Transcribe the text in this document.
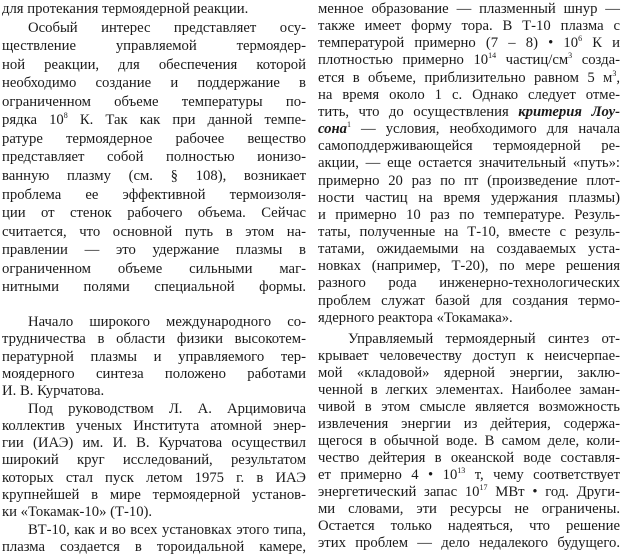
для протекания термоядерной реакции.
Особый интерес представляет осу-
ществление управляемой термоядер-
ной реакции, для обеспечения которой
необходимо создание и поддержание в
ограниченном объеме температуры по-
рядка $10^8$ К. Так как при данной темпе-
ратуре термоядерное рабочее вещество
представляет собой полностью ионизо-
ванную плазму (см. § 108), возникает
проблема ее эффективной термоизоля-
ции от стенок рабочего объема. Сейчас
считается, что основной путь в этом на-
правлении — это удержание плазмы в
ограниченном объеме сильными маг-
нитными полями специальной формы.
Начало широкого международного со-
трудничества в области физики высокотем-
пературной плазмы и управляемого тер-
моядерного синтеза положено работами
И. В. Курчатова.
Под руководством Л. А. Арцимовича
коллектив ученых Института атомной энер-
гии (ИАЭ) им. И. В. Курчатова осуществил
широкий круг исследований, результатом
которых стал пуск летом 1975 г. в ИАЭ
крупнейшей в мире термоядерной установ-
ки «Токамак-10» (Т-10).
ВТ-10, как и во всех установках этого типа,
плазма создается в тороидальной камере,
менное образование — плазменный шнур —
также имеет форму тора. В Т-10 плазма с
температурой примерно (7 – 8) • $10^6$ К и
плотностью примерно $10^{14}$ частиц/$см^3$ созда-
ется в объеме, приблизительно равном 5 $м^3$,
на время около 1 с. Однако следует отме-
тить, что до осуществления критерия Лоу-
сона$^1$ — условия, необходимого для начала
самоподдерживающейся термоядерной ре-
акции, — еще остается значительный «путь»:
примерно 20 раз по пт (произведение плот-
ности частиц на время удержания плазмы)
и примерно 10 раз по температуре. Резуль-
таты, полученные на Т-10, вместе с резуль-
татами, ожидаемыми на создаваемых уста-
новках (например, Т-20), по мере решения
разного рода инженерно-технологических
проблем служат базой для создания термо-
ядерного реактора «Токамака».
Управляемый термоядерный синтез от-
крывает человечеству доступ к неисчерпае-
мой «кладовой» ядерной энергии, заклю-
ченной в легких элементах. Наиболее заман-
чивой в этом смысле является возможность
извлечения энергии из дейтерия, содержа-
щегося в обычной воде. В самом деле, коли-
чество дейтерия в океанской воде составля-
ет примерно 4 • $10^{13}$ т, чему соответствует
энергетический запас $10^{17}$ МВт • год. Други-
ми словами, эти ресурсы не ограничены.
Остается только надеяться, что решение
этих проблем — дело недалекого будущего.
